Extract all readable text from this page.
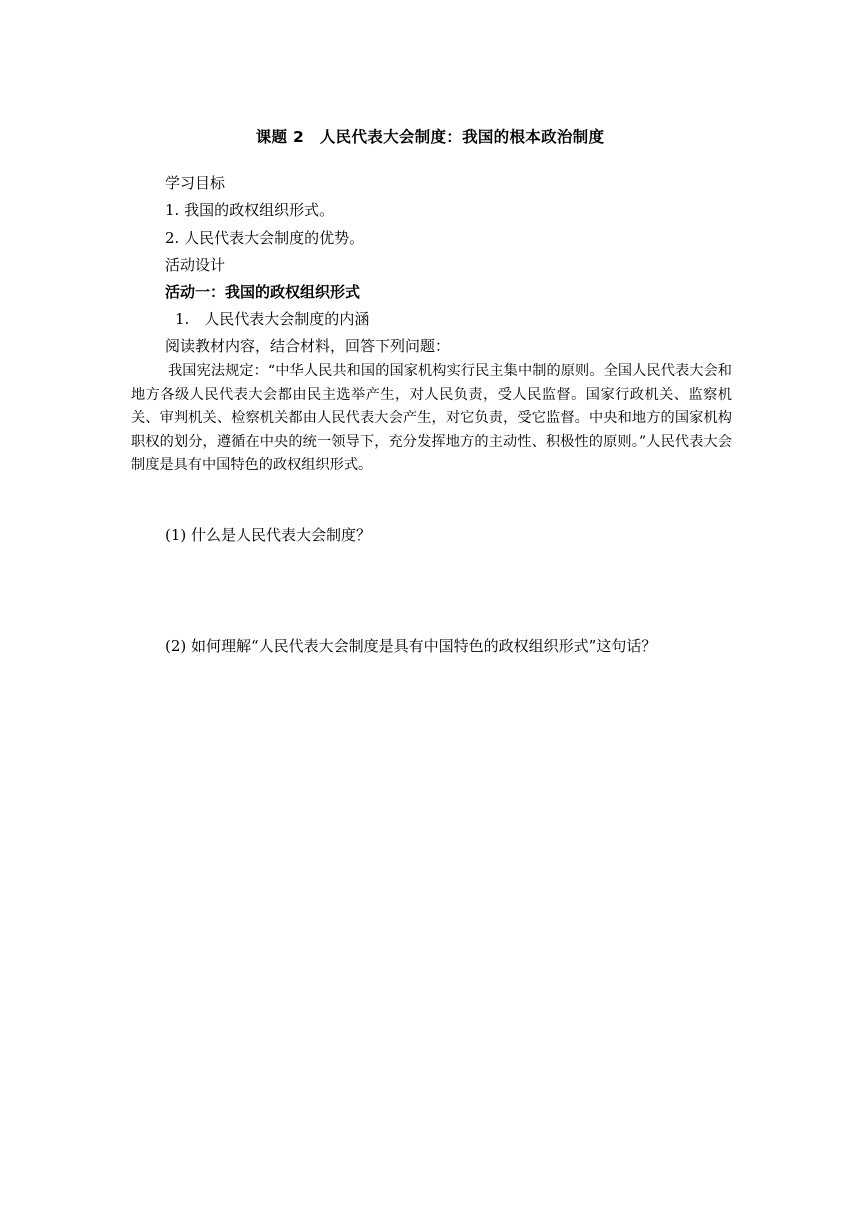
课题 2　人民代表大会制度：我国的根本政治制度
学习目标
1. 我国的政权组织形式。
2. 人民代表大会制度的优势。
活动设计
活动一：我国的政权组织形式
1.　人民代表大会制度的内涵
阅读教材内容，结合材料，回答下列问题：

我国宪法规定：“中华人民共和国的国家机构实行民主集中制的原则。全国人民代表大会和地方各级人民代表大会都由民主选举产生，对人民负责，受人民监督。国家行政机关、监察机关、审判机关、检察机关都由人民代表大会产生，对它负责，受它监督。中央和地方的国家机构职权的划分，遵循在中央的统一领导下，充分发挥地方的主动性、积极性的原则。”人民代表大会制度是具有中国特色的政权组织形式。

(1) 什么是人民代表大会制度？

(2) 如何理解“人民代表大会制度是具有中国特色的政权组织形式”这句话？
